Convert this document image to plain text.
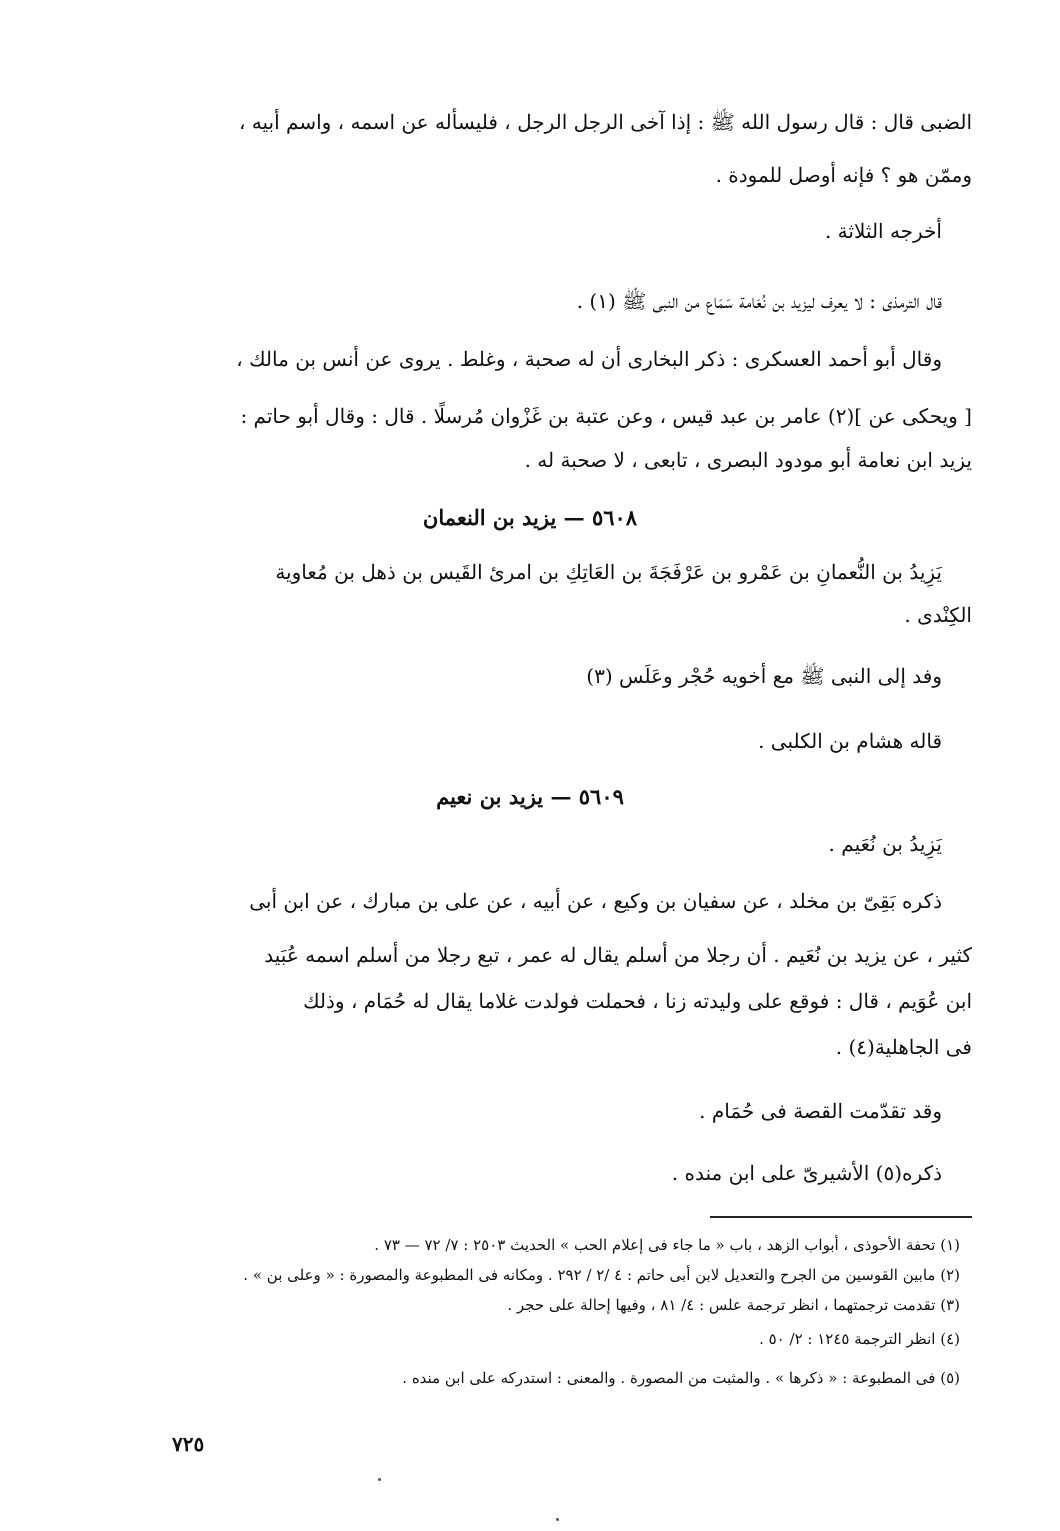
الضبى قال : قال رسول الله ﷺ : إذا آخى الرجل الرجل ، فليسأله عن اسمه ، واسم أبيه ،
وممّن هو ؟ فإنه أوصل للمودة .
أخرجه الثلاثة .
قال الترمذى : لا يعرف ليزيد بن نُعَامة سَمَاع من النبى ﷺ (١) .
وقال أبو أحمد العسكرى : ذكر البخارى أن له صحبة ، وغلط . يروى عن أنس بن مالك ،
[ ويحكى عن ](٢) عامر بن عبد قيس ، وعن عتبة بن غَزْوان مُرسلًا . قال : وقال أبو حاتم :
يزيد ابن نعامة أبو مودود البصرى ، تابعى ، لا صحبة له .
٥٦٠٨ — يزيد بن النعمان
يَزِيدُ بن النُّعمانِ بن عَمْرو بن عَرْفَجَةَ بن العَاتِكِ بن امرئ القَيس بن ذهل بن مُعاوية
الكِنْدى .
وفد إلى النبى ﷺ مع أخويه حُجْر وعَلَس (٣)
قاله هشام بن الكلبى .
٥٦٠٩ — يزيد بن نعيم
يَزِيدُ بن نُعَيم .
ذكره بَقِىّ بن مخلد ، عن سفيان بن وكيع ، عن أبيه ، عن على بن مبارك ، عن ابن أبى
كثير ، عن يزيد بن نُعَيم . أن رجلا من أسلم يقال له عمر ، تبع رجلا من أسلم اسمه عُبَيد
ابن عُوَيم ، قال : فوقع على وليدته زنا ، فحملت فولدت غلاما يقال له حُمَام ، وذلك
فى الجاهلية(٤) .
وقد تقدّمت القصة فى حُمَام .
ذكره(٥) الأشيرىّ على ابن منده .
(١) تحفة الأحوذى ، أبواب الزهد ، باب « ما جاء فى إعلام الحب » الحديث ٢٥٠٣ : ٧/ ٧٢ — ٧٣ .
(٢) مابين القوسين من الجرح والتعديل لابن أبى حاتم : ٤ /٢ / ٢٩٢ . ومكانه فى المطبوعة والمصورة : « وعلى بن » .
(٣) تقدمت ترجمتهما ، انظر ترجمة علس : ٤/ ٨١ ، وفيها إحالة على حجر .
(٤) انظر الترجمة ١٢٤٥ : ٢/ ٥٠ .
(٥) فى المطبوعة : « ذكرها » . والمثبت من المصورة . والمعنى : استدركه على ابن منده .
٧٢٥
